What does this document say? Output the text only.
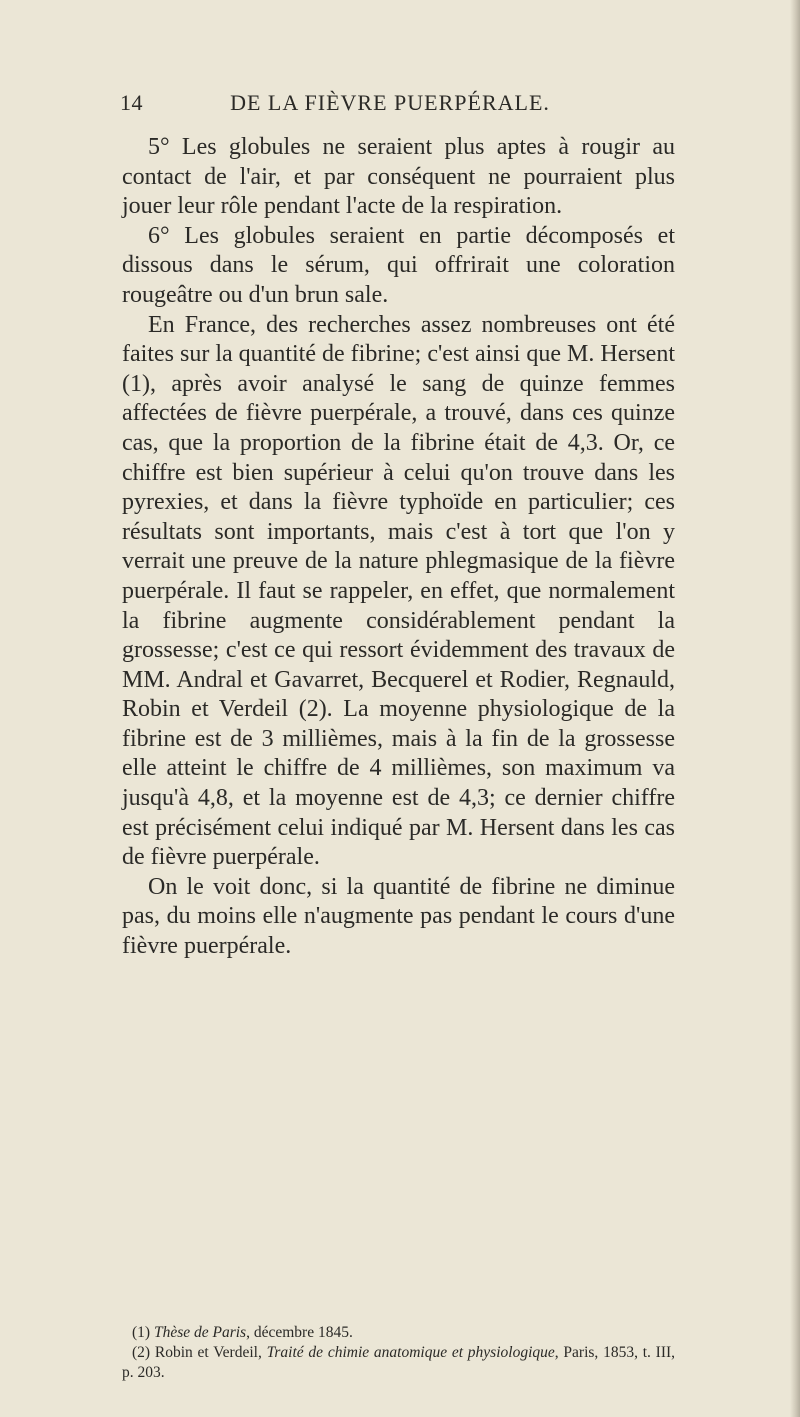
14	DE LA FIÈVRE PUERPÉRALE.

5° Les globules ne seraient plus aptes à rougir au contact de l'air, et par conséquent ne pourraient plus jouer leur rôle pendant l'acte de la respiration.

6° Les globules seraient en partie décomposés et dissous dans le sérum, qui offrirait une coloration rougeâtre ou d'un brun sale.

En France, des recherches assez nombreuses ont été faites sur la quantité de fibrine; c'est ainsi que M. Hersent (1), après avoir analysé le sang de quinze femmes affectées de fièvre puerpérale, a trouvé, dans ces quinze cas, que la proportion de la fibrine était de 4,3. Or, ce chiffre est bien supérieur à celui qu'on trouve dans les pyrexies, et dans la fièvre typhoïde en particulier; ces résultats sont importants, mais c'est à tort que l'on y verrait une preuve de la nature phlegmasique de la fièvre puerpérale. Il faut se rappeler, en effet, que normalement la fibrine augmente considérablement pendant la grossesse; c'est ce qui ressort évidemment des travaux de MM. Andral et Gavarret, Becquerel et Rodier, Regnauld, Robin et Verdeil (2). La moyenne physiologique de la fibrine est de 3 millièmes, mais à la fin de la grossesse elle atteint le chiffre de 4 millièmes, son maximum va jusqu'à 4,8, et la moyenne est de 4,3; ce dernier chiffre est précisément celui indiqué par M. Hersent dans les cas de fièvre puerpérale.

On le voit donc, si la quantité de fibrine ne diminue pas, du moins elle n'augmente pas pendant le cours d'une fièvre puerpérale.

(1) Thèse de Paris, décembre 1845.

(2) Robin et Verdeil, Traité de chimie anatomique et physiologique, Paris, 1853, t. III, p. 203.
